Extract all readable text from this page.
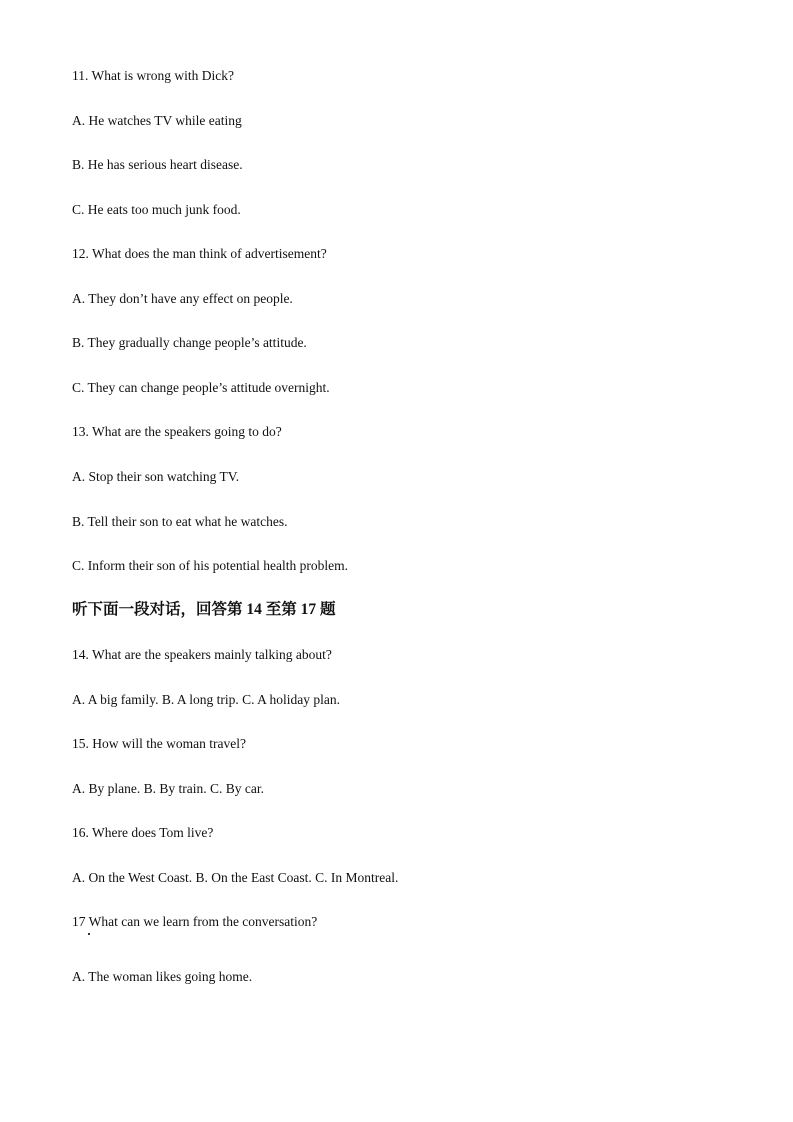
11. What is wrong with Dick?
A. He watches TV while eating
B. He has serious heart disease.
C. He eats too much junk food.
12. What does the man think of advertisement?
A. They don’t have any effect on people.
B. They gradually change people’s attitude.
C. They can change people’s attitude overnight.
13. What are the speakers going to do?
A. Stop their son watching TV.
B. Tell their son to eat what he watches.
C. Inform their son of his potential health problem.
听下面一段对话，回答第 14 至第 17 题
14. What are the speakers mainly talking about?
A. A big family. B. A long trip. C. A holiday plan.
15. How will the woman travel?
A. By plane. B. By train. C. By car.
16. Where does Tom live?
A. On the West Coast. B. On the East Coast. C. In Montreal.
17 What can we learn from the conversation?
A. The woman likes going home.
